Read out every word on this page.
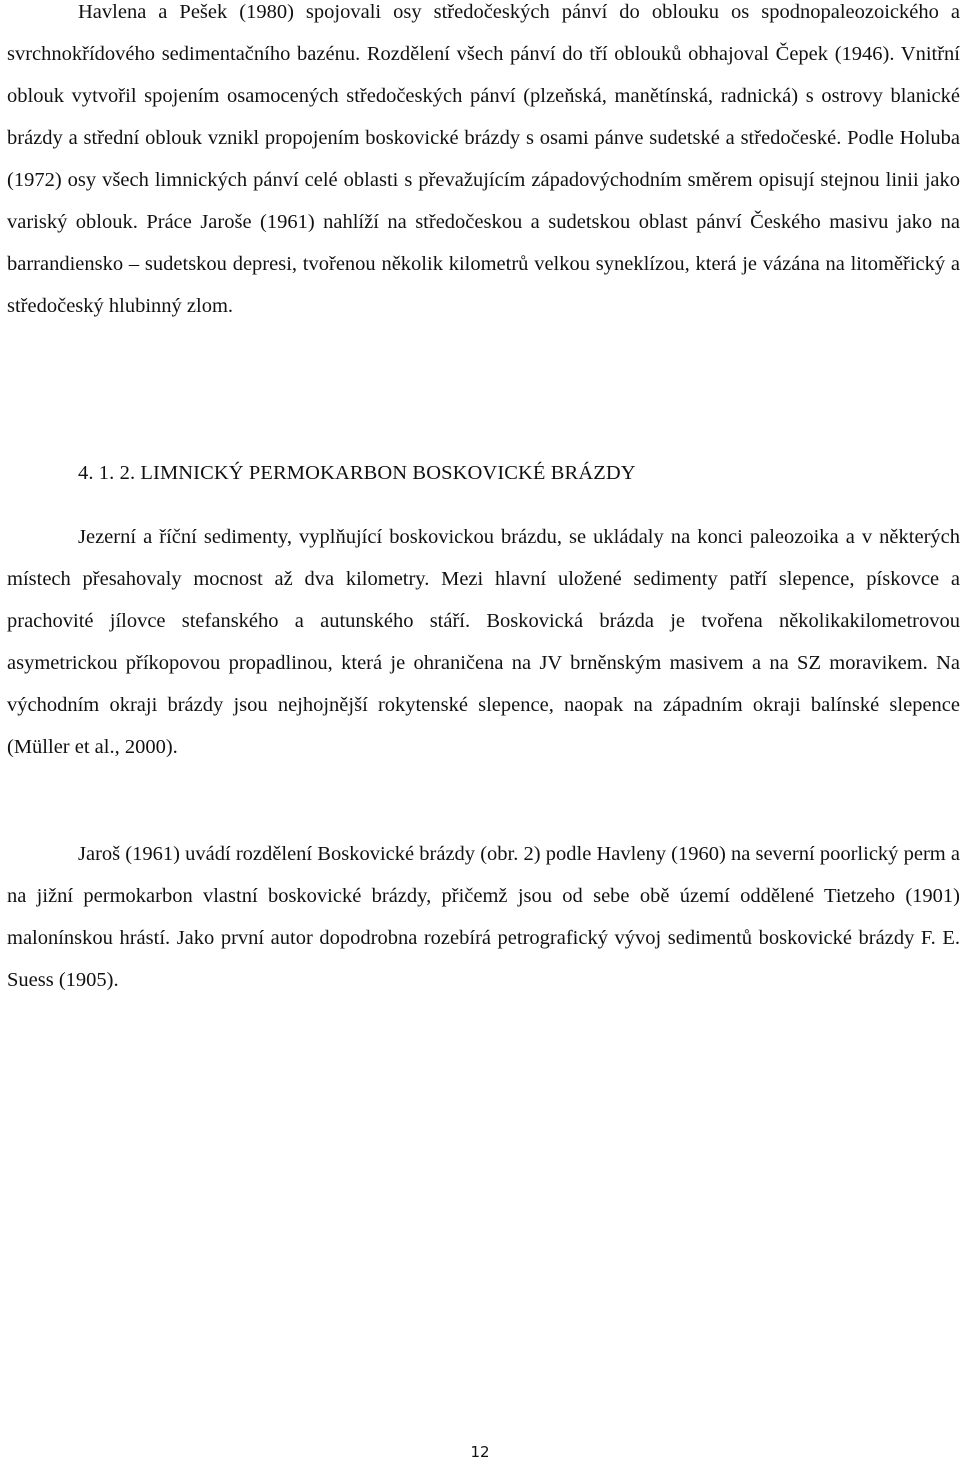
Havlena a Pešek (1980) spojovali osy středočeských pánví do oblouku os spodnopaleozoického a svrchnokřídového sedimentačního bazénu. Rozdělení všech pánví do tří oblouků obhajoval Čepek (1946). Vnitřní oblouk vytvořil spojením osamocených středočeských pánví (plzeňská, manětínská, radnická) s ostrovy blanické brázdy a střední oblouk vznikl propojením boskovické brázdy s osami pánve sudetské a středočeské. Podle Holuba (1972) osy všech limnických pánví celé oblasti s převažujícím západovýchodním směrem opisují stejnou linii jako variský oblouk. Práce Jaroše (1961) nahlíží na středočeskou a sudetskou oblast pánví Českého masivu jako na barrandiensko – sudetskou depresi, tvořenou několik kilometrů velkou synеklízou, která je vázána na litoměřický a středočeský hlubinný zlom.

4. 1. 2. LIMNICKÝ PERMOKARBON BOSKOVICKÉ BRÁZDY

Jezerní a říční sedimenty, vyplňující boskovickou brázdu, se ukládaly na konci paleozoika a v některých místech přesahovaly mocnost až dva kilometry. Mezi hlavní uložené sedimenty patří slepence, pískovce a prachovité jílovce stefanského a autunského stáří. Boskovická brázda je tvořena několikakilometrovou asymetrickou příkopovou propadlinou, která je ohraničena na JV brněnským masivem a na SZ moravikem. Na východním okraji brázdy jsou nejhojnější rokytenské slepence, naopak na západním okraji balínské slepence (Müller et al., 2000).

Jaroš (1961) uvádí rozdělení Boskovické brázdy (obr. 2) podle Havleny (1960) na severní poorlický perm a na jižní permokarbon vlastní boskovické brázdy, přičemž jsou od sebe obě území oddělené Tietzeho (1901) malonínskou hrástí. Jako první autor dopodrobna rozebírá petrografický vývoj sedimentů boskovické brázdy F. E. Suess (1905).

12
